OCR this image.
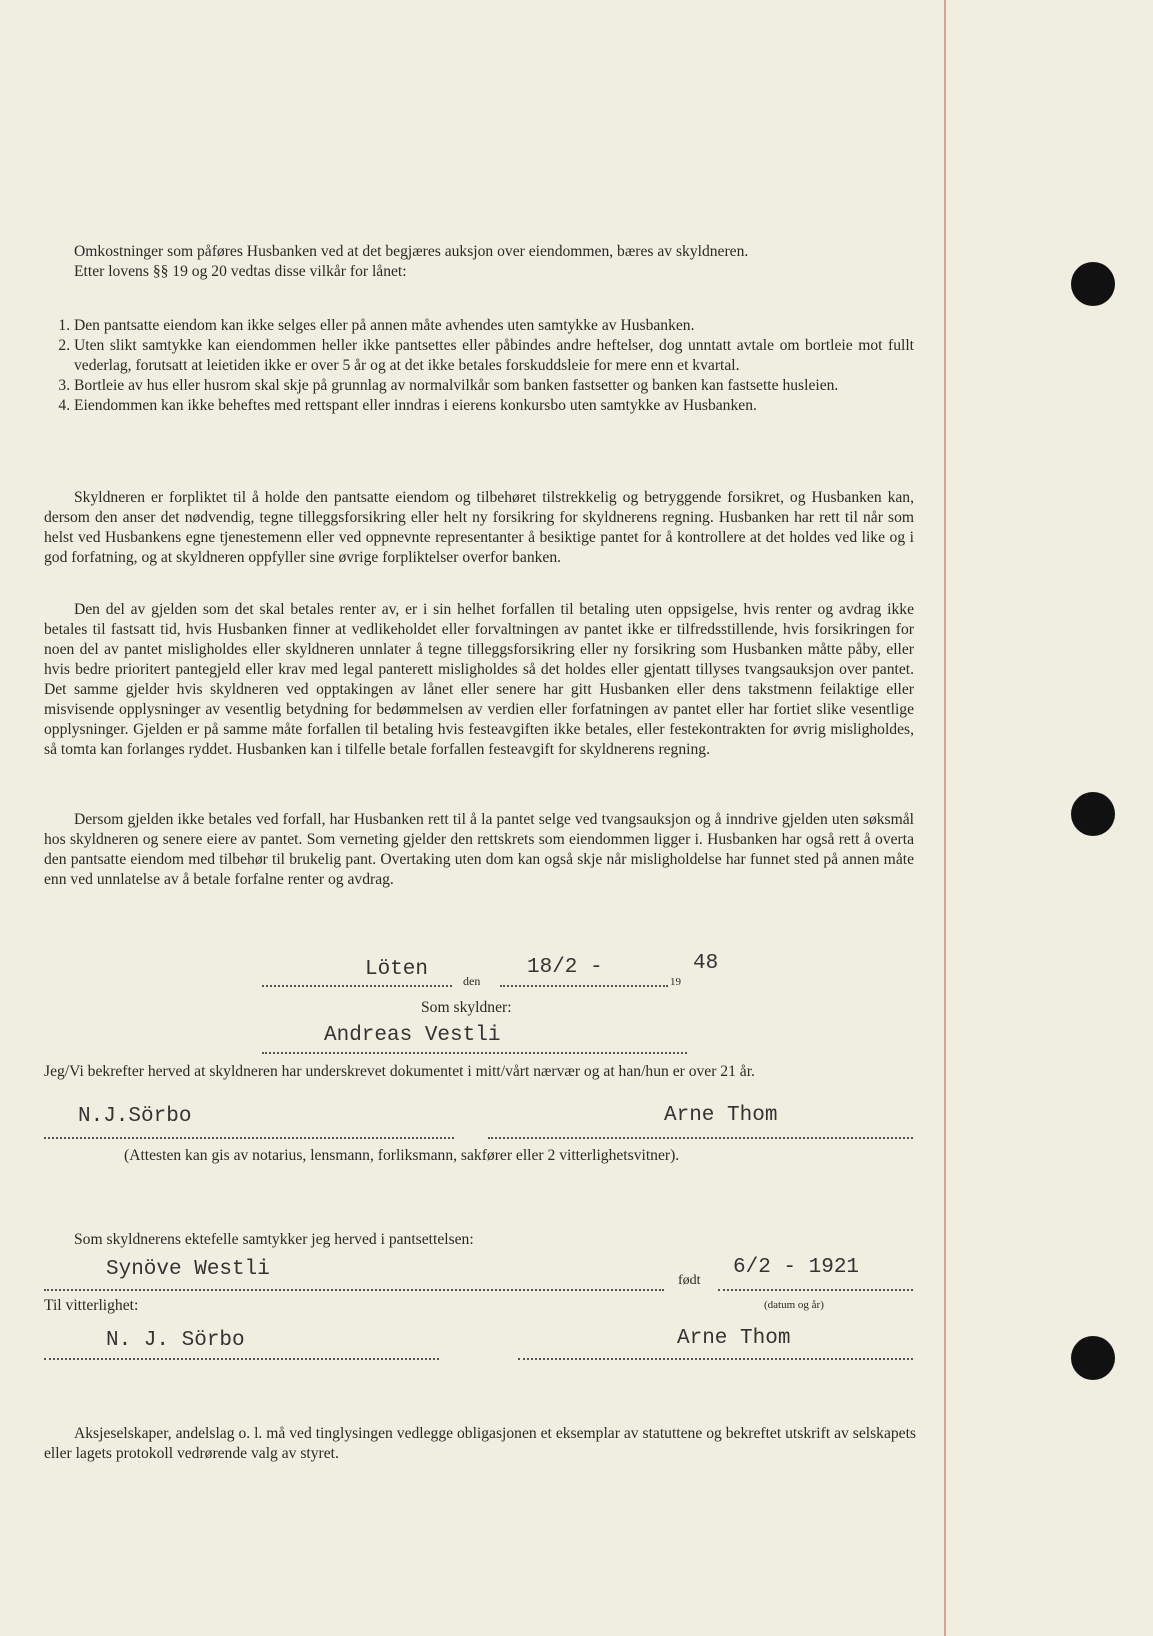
Omkostninger som påføres Husbanken ved at det begjæres auksjon over eiendommen, bæres av skyldneren.
Etter lovens §§ 19 og 20 vedtas disse vilkår for lånet:
1. Den pantsatte eiendom kan ikke selges eller på annen måte avhendes uten samtykke av Husbanken.
2. Uten slikt samtykke kan eiendommen heller ikke pantsettes eller påbindes andre heftelser, dog unntatt avtale om bortleie mot fullt vederlag, forutsatt at leietiden ikke er over 5 år og at det ikke betales forskuddsleie for mere enn et kvartal.
3. Bortleie av hus eller husrom skal skje på grunnlag av normalvilkår som banken fastsetter og banken kan fastsette husleien.
4. Eiendommen kan ikke beheftes med rettspant eller inndras i eierens konkursbo uten samtykke av Husbanken.
Skyldneren er forpliktet til å holde den pantsatte eiendom og tilbehøret tilstrekkelig og betryggende forsikret, og Husbanken kan, dersom den anser det nødvendig, tegne tilleggsforsikring eller helt ny forsikring for skyldnerens regning. Husbanken har rett til når som helst ved Husbankens egne tjenestemenn eller ved oppnevnte representanter å besiktige pantet for å kontrollere at det holdes ved like og i god forfatning, og at skyldneren oppfyller sine øvrige forpliktelser overfor banken.
Den del av gjelden som det skal betales renter av, er i sin helhet forfallen til betaling uten oppsigelse, hvis renter og avdrag ikke betales til fastsatt tid, hvis Husbanken finner at vedlikeholdet eller forvaltningen av pantet ikke er tilfredsstillende, hvis forsikringen for noen del av pantet misligholdes eller skyldneren unnlater å tegne tilleggsforsikring eller ny forsikring som Husbanken måtte påby, eller hvis bedre prioritert pantegjeld eller krav med legal panterett misligholdes så det holdes eller gjentatt tillyses tvangsauksjon over pantet. Det samme gjelder hvis skyldneren ved opptakingen av lånet eller senere har gitt Husbanken eller dens takstmenn feilaktige eller misvisende opplysninger av vesentlig betydning for bedømmelsen av verdien eller forfatningen av pantet eller har fortiet slike vesentlige opplysninger. Gjelden er på samme måte forfallen til betaling hvis festeavgiften ikke betales, eller festekontrakten for øvrig misligholdes, så tomta kan forlanges ryddet. Husbanken kan i tilfelle betale forfallen festeavgift for skyldnerens regning.
Dersom gjelden ikke betales ved forfall, har Husbanken rett til å la pantet selge ved tvangsauksjon og å inndrive gjelden uten søksmål hos skyldneren og senere eiere av pantet. Som verneting gjelder den rettskrets som eiendommen ligger i. Husbanken har også rett å overta den pantsatte eiendom med tilbehør til brukelig pant. Overtaking uten dom kan også skje når misligholdelse har funnet sted på annen måte enn ved unnlatelse av å betale forfalne renter og avdrag.
Löten	den
18/2 -
19
48
Som skyldner:
Andreas Vestli
Jeg/Vi bekrefter herved at skyldneren har underskrevet dokumentet i mitt/vårt nærvær og at han/hun er over 21 år.
N.J.Sörbo	Arne Thom
(Attesten kan gis av notarius, lensmann, forliksmann, sakfører eller 2 vitterlighetsvitner).
Som skyldnerens ektefelle samtykker jeg herved i pantsettelsen:
Synöve Westli	født
6/2 - 1921
(datum og år)
Til vitterlighet:
N. J. Sörbo	Arne Thom
Aksjeselskaper, andelslag o. l. må ved tinglysingen vedlegge obligasjonen et eksemplar av statuttene og bekreftet utskrift av selskapets eller lagets protokoll vedrørende valg av styret.
